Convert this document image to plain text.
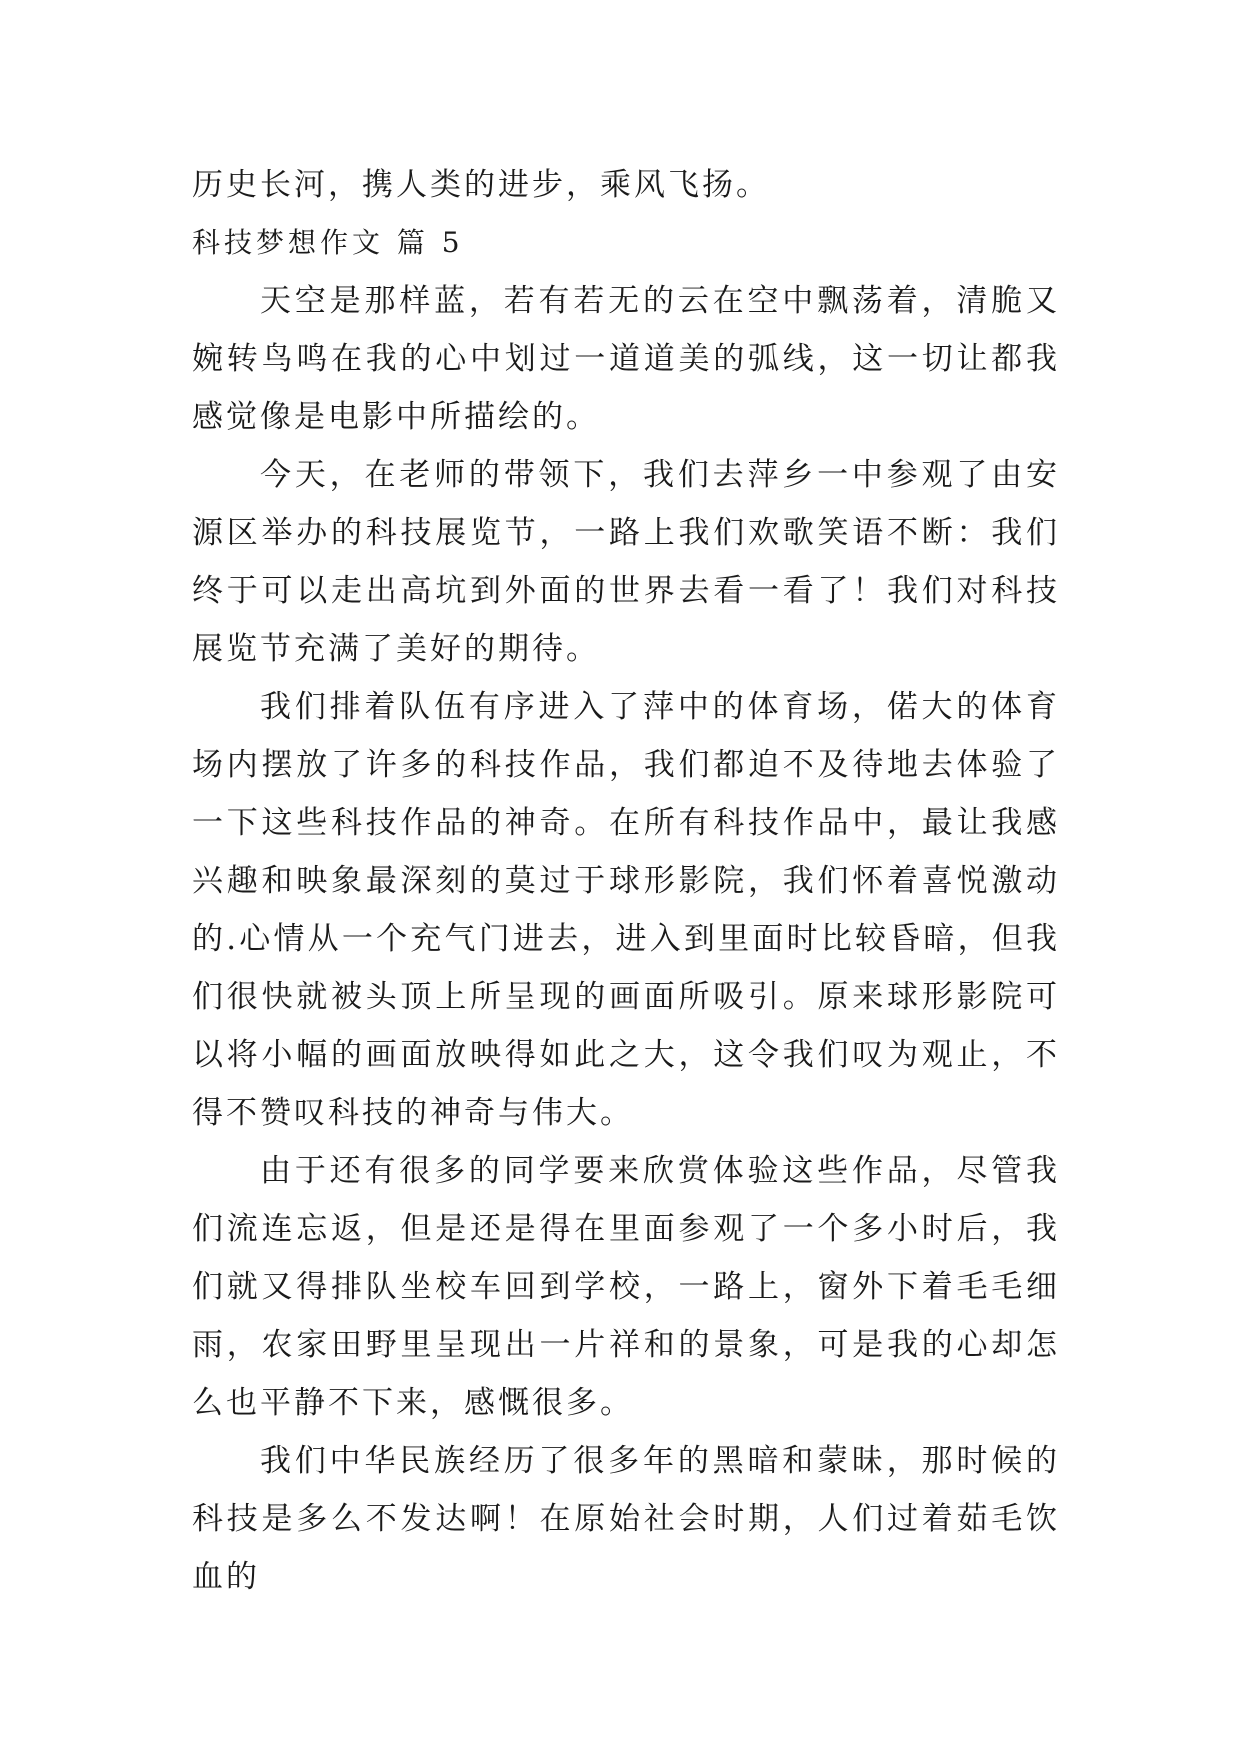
历史长河，携人类的进步，乘风飞扬。
科技梦想作文 篇 5

天空是那样蓝，若有若无的云在空中飘荡着，清脆又婉转鸟鸣在我的心中划过一道道美的弧线，这一切让都我感觉像是电影中所描绘的。

今天，在老师的带领下，我们去萍乡一中参观了由安源区举办的科技展览节，一路上我们欢歌笑语不断：我们终于可以走出高坑到外面的世界去看一看了！我们对科技展览节充满了美好的期待。

我们排着队伍有序进入了萍中的体育场，偌大的体育场内摆放了许多的科技作品，我们都迫不及待地去体验了一下这些科技作品的神奇。在所有科技作品中，最让我感兴趣和映象最深刻的莫过于球形影院，我们怀着喜悦激动的.心情从一个充气门进去，进入到里面时比较昏暗，但我们很快就被头顶上所呈现的画面所吸引。原来球形影院可以将小幅的画面放映得如此之大，这令我们叹为观止，不得不赞叹科技的神奇与伟大。

由于还有很多的同学要来欣赏体验这些作品，尽管我们流连忘返，但是还是得在里面参观了一个多小时后，我们就又得排队坐校车回到学校，一路上，窗外下着毛毛细雨，农家田野里呈现出一片祥和的景象，可是我的心却怎么也平静不下来，感慨很多。

我们中华民族经历了很多年的黑暗和蒙昧，那时候的科技是多么不发达啊！在原始社会时期，人们过着茹毛饮血的
